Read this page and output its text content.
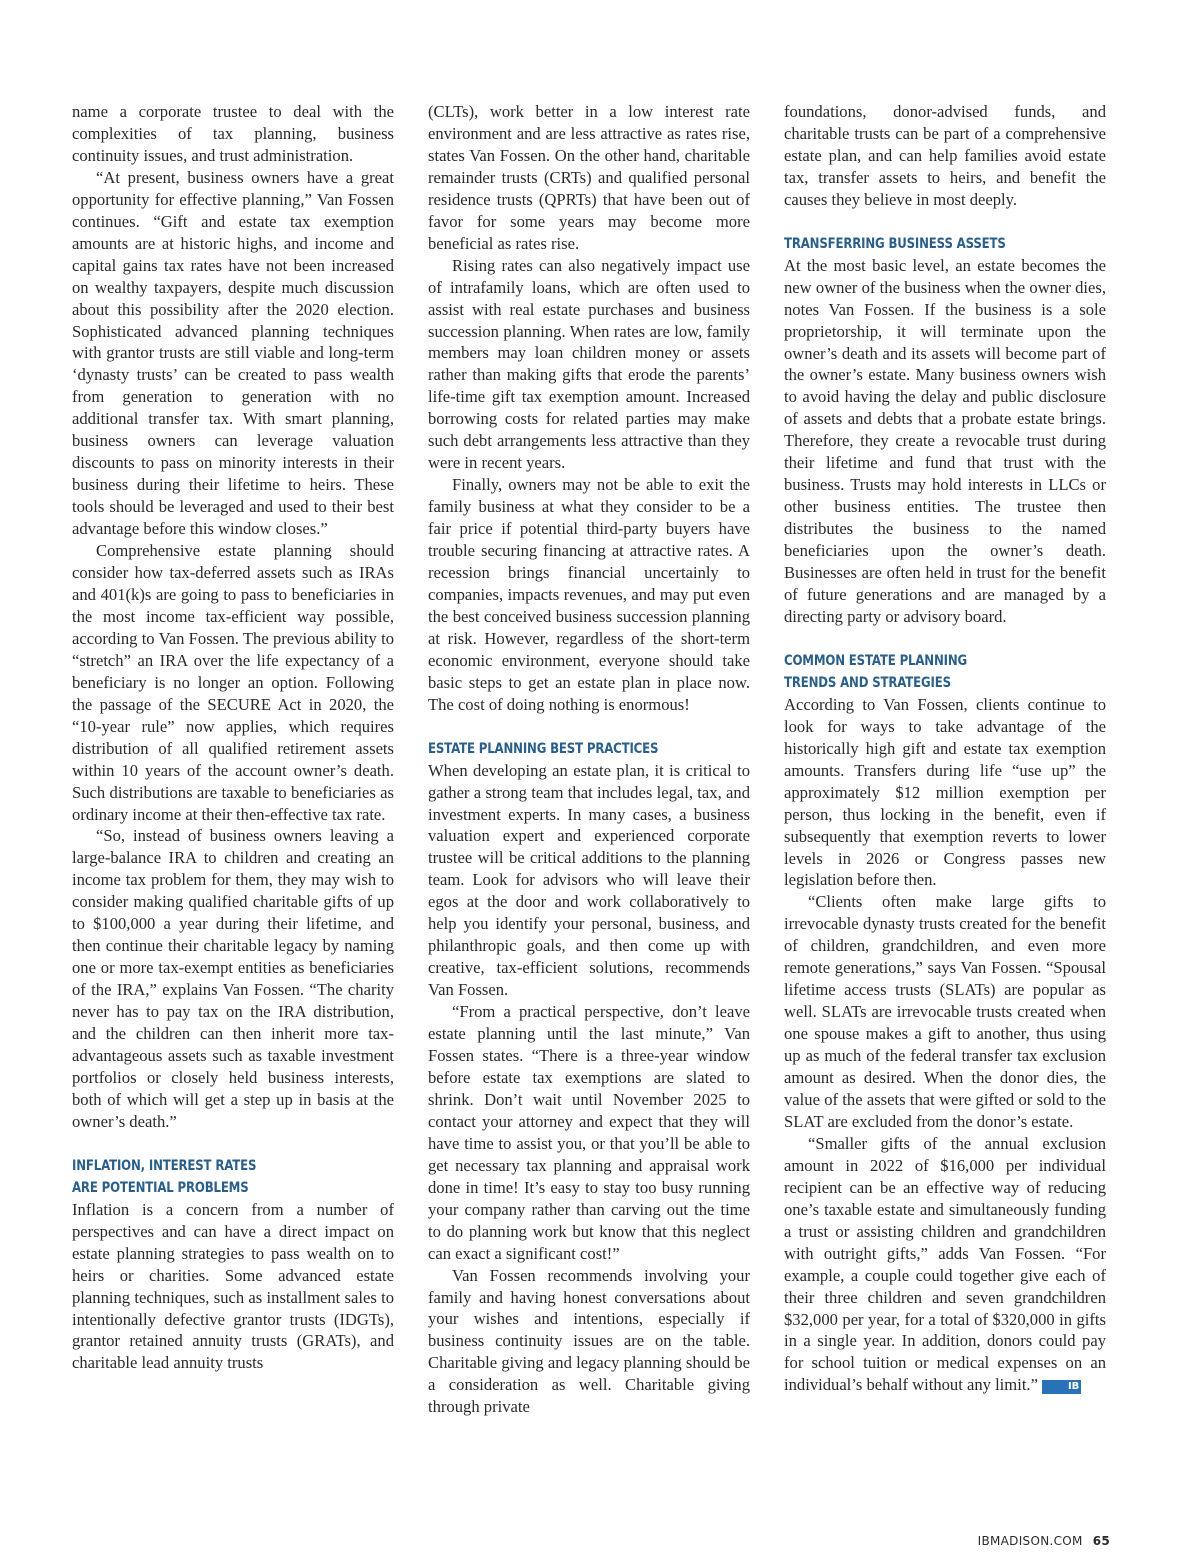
name a corporate trustee to deal with the complexities of tax planning, business continuity issues, and trust administration.

“At present, business owners have a great opportunity for effective planning,” Van Fossen continues. “Gift and estate tax exemption amounts are at historic highs, and income and capital gains tax rates have not been increased on wealthy taxpayers, despite much discussion about this possibility after the 2020 election. Sophisticated advanced planning techniques with grantor trusts are still viable and long-term ‘dynasty trusts’ can be created to pass wealth from generation to generation with no additional transfer tax. With smart planning, business owners can leverage valuation discounts to pass on minority interests in their business during their lifetime to heirs. These tools should be leveraged and used to their best advantage before this window closes.”

Comprehensive estate planning should consider how tax-deferred assets such as IRAs and 401(k)s are going to pass to beneficiaries in the most income tax-efficient way possible, according to Van Fossen. The previous ability to “stretch” an IRA over the life expectancy of a beneficiary is no longer an option. Following the passage of the SECURE Act in 2020, the “10-year rule” now applies, which requires distribution of all qualified retirement assets within 10 years of the account owner’s death. Such distributions are taxable to beneficiaries as ordinary income at their then-effective tax rate.

“So, instead of business owners leaving a large-balance IRA to children and creating an income tax problem for them, they may wish to consider making qualified charitable gifts of up to $100,000 a year during their lifetime, and then continue their charitable legacy by naming one or more tax-exempt entities as beneficiaries of the IRA,” explains Van Fossen. “The charity never has to pay tax on the IRA distribution, and the children can then inherit more tax-advantageous assets such as taxable investment portfolios or closely held business interests, both of which will get a step up in basis at the owner’s death.”

INFLATION, INTEREST RATES
ARE POTENTIAL PROBLEMS

Inflation is a concern from a number of perspectives and can have a direct impact on estate planning strategies to pass wealth on to heirs or charities. Some advanced estate planning techniques, such as installment sales to intentionally defective grantor trusts (IDGTs), grantor retained annuity trusts (GRATs), and charitable lead annuity trusts

(CLTs), work better in a low interest rate environment and are less attractive as rates rise, states Van Fossen. On the other hand, charitable remainder trusts (CRTs) and qualified personal residence trusts (QPRTs) that have been out of favor for some years may become more beneficial as rates rise.

Rising rates can also negatively impact use of intrafamily loans, which are often used to assist with real estate purchases and business succession planning. When rates are low, family members may loan children money or assets rather than making gifts that erode the parents’ life-time gift tax exemption amount. Increased borrowing costs for related parties may make such debt arrangements less attractive than they were in recent years.

Finally, owners may not be able to exit the family business at what they consider to be a fair price if potential third-party buyers have trouble securing financing at attractive rates. A recession brings financial uncertainly to companies, impacts revenues, and may put even the best conceived business succession planning at risk. However, regardless of the short-term economic environment, everyone should take basic steps to get an estate plan in place now. The cost of doing nothing is enormous!

ESTATE PLANNING BEST PRACTICES

When developing an estate plan, it is critical to gather a strong team that includes legal, tax, and investment experts. In many cases, a business valuation expert and experienced corporate trustee will be critical additions to the planning team. Look for advisors who will leave their egos at the door and work collaboratively to help you identify your personal, business, and philanthropic goals, and then come up with creative, tax-efficient solutions, recommends Van Fossen.

“From a practical perspective, don’t leave estate planning until the last minute,” Van Fossen states. “There is a three-year window before estate tax exemptions are slated to shrink. Don’t wait until November 2025 to contact your attorney and expect that they will have time to assist you, or that you’ll be able to get necessary tax planning and appraisal work done in time! It’s easy to stay too busy running your company rather than carving out the time to do planning work but know that this neglect can exact a significant cost!”

Van Fossen recommends involving your family and having honest conversations about your wishes and intentions, especially if business continuity issues are on the table. Charitable giving and legacy planning should be a consideration as well. Charitable giving through private

foundations, donor-advised funds, and charitable trusts can be part of a comprehensive estate plan, and can help families avoid estate tax, transfer assets to heirs, and benefit the causes they believe in most deeply.

TRANSFERRING BUSINESS ASSETS

At the most basic level, an estate becomes the new owner of the business when the owner dies, notes Van Fossen. If the business is a sole proprietorship, it will terminate upon the owner’s death and its assets will become part of the owner’s estate. Many business owners wish to avoid having the delay and public disclosure of assets and debts that a probate estate brings. Therefore, they create a revocable trust during their lifetime and fund that trust with the business. Trusts may hold interests in LLCs or other business entities. The trustee then distributes the business to the named beneficiaries upon the owner’s death. Businesses are often held in trust for the benefit of future generations and are managed by a directing party or advisory board.

COMMON ESTATE PLANNING
TRENDS AND STRATEGIES

According to Van Fossen, clients continue to look for ways to take advantage of the historically high gift and estate tax exemption amounts. Transfers during life “use up” the approximately $12 million exemption per person, thus locking in the benefit, even if subsequently that exemption reverts to lower levels in 2026 or Congress passes new legislation before then.

“Clients often make large gifts to irrevocable dynasty trusts created for the benefit of children, grandchildren, and even more remote generations,” says Van Fossen. “Spousal lifetime access trusts (SLATs) are popular as well. SLATs are irrevocable trusts created when one spouse makes a gift to another, thus using up as much of the federal transfer tax exclusion amount as desired. When the donor dies, the value of the assets that were gifted or sold to the SLAT are excluded from the donor’s estate.

“Smaller gifts of the annual exclusion amount in 2022 of $16,000 per individual recipient can be an effective way of reducing one’s taxable estate and simultaneously funding a trust or assisting children and grandchildren with outright gifts,” adds Van Fossen. “For example, a couple could together give each of their three children and seven grandchildren $32,000 per year, for a total of $320,000 in gifts in a single year. In addition, donors could pay for school tuition or medical expenses on an individual’s behalf without any limit.”	IB

IBMADISON.COM 65
